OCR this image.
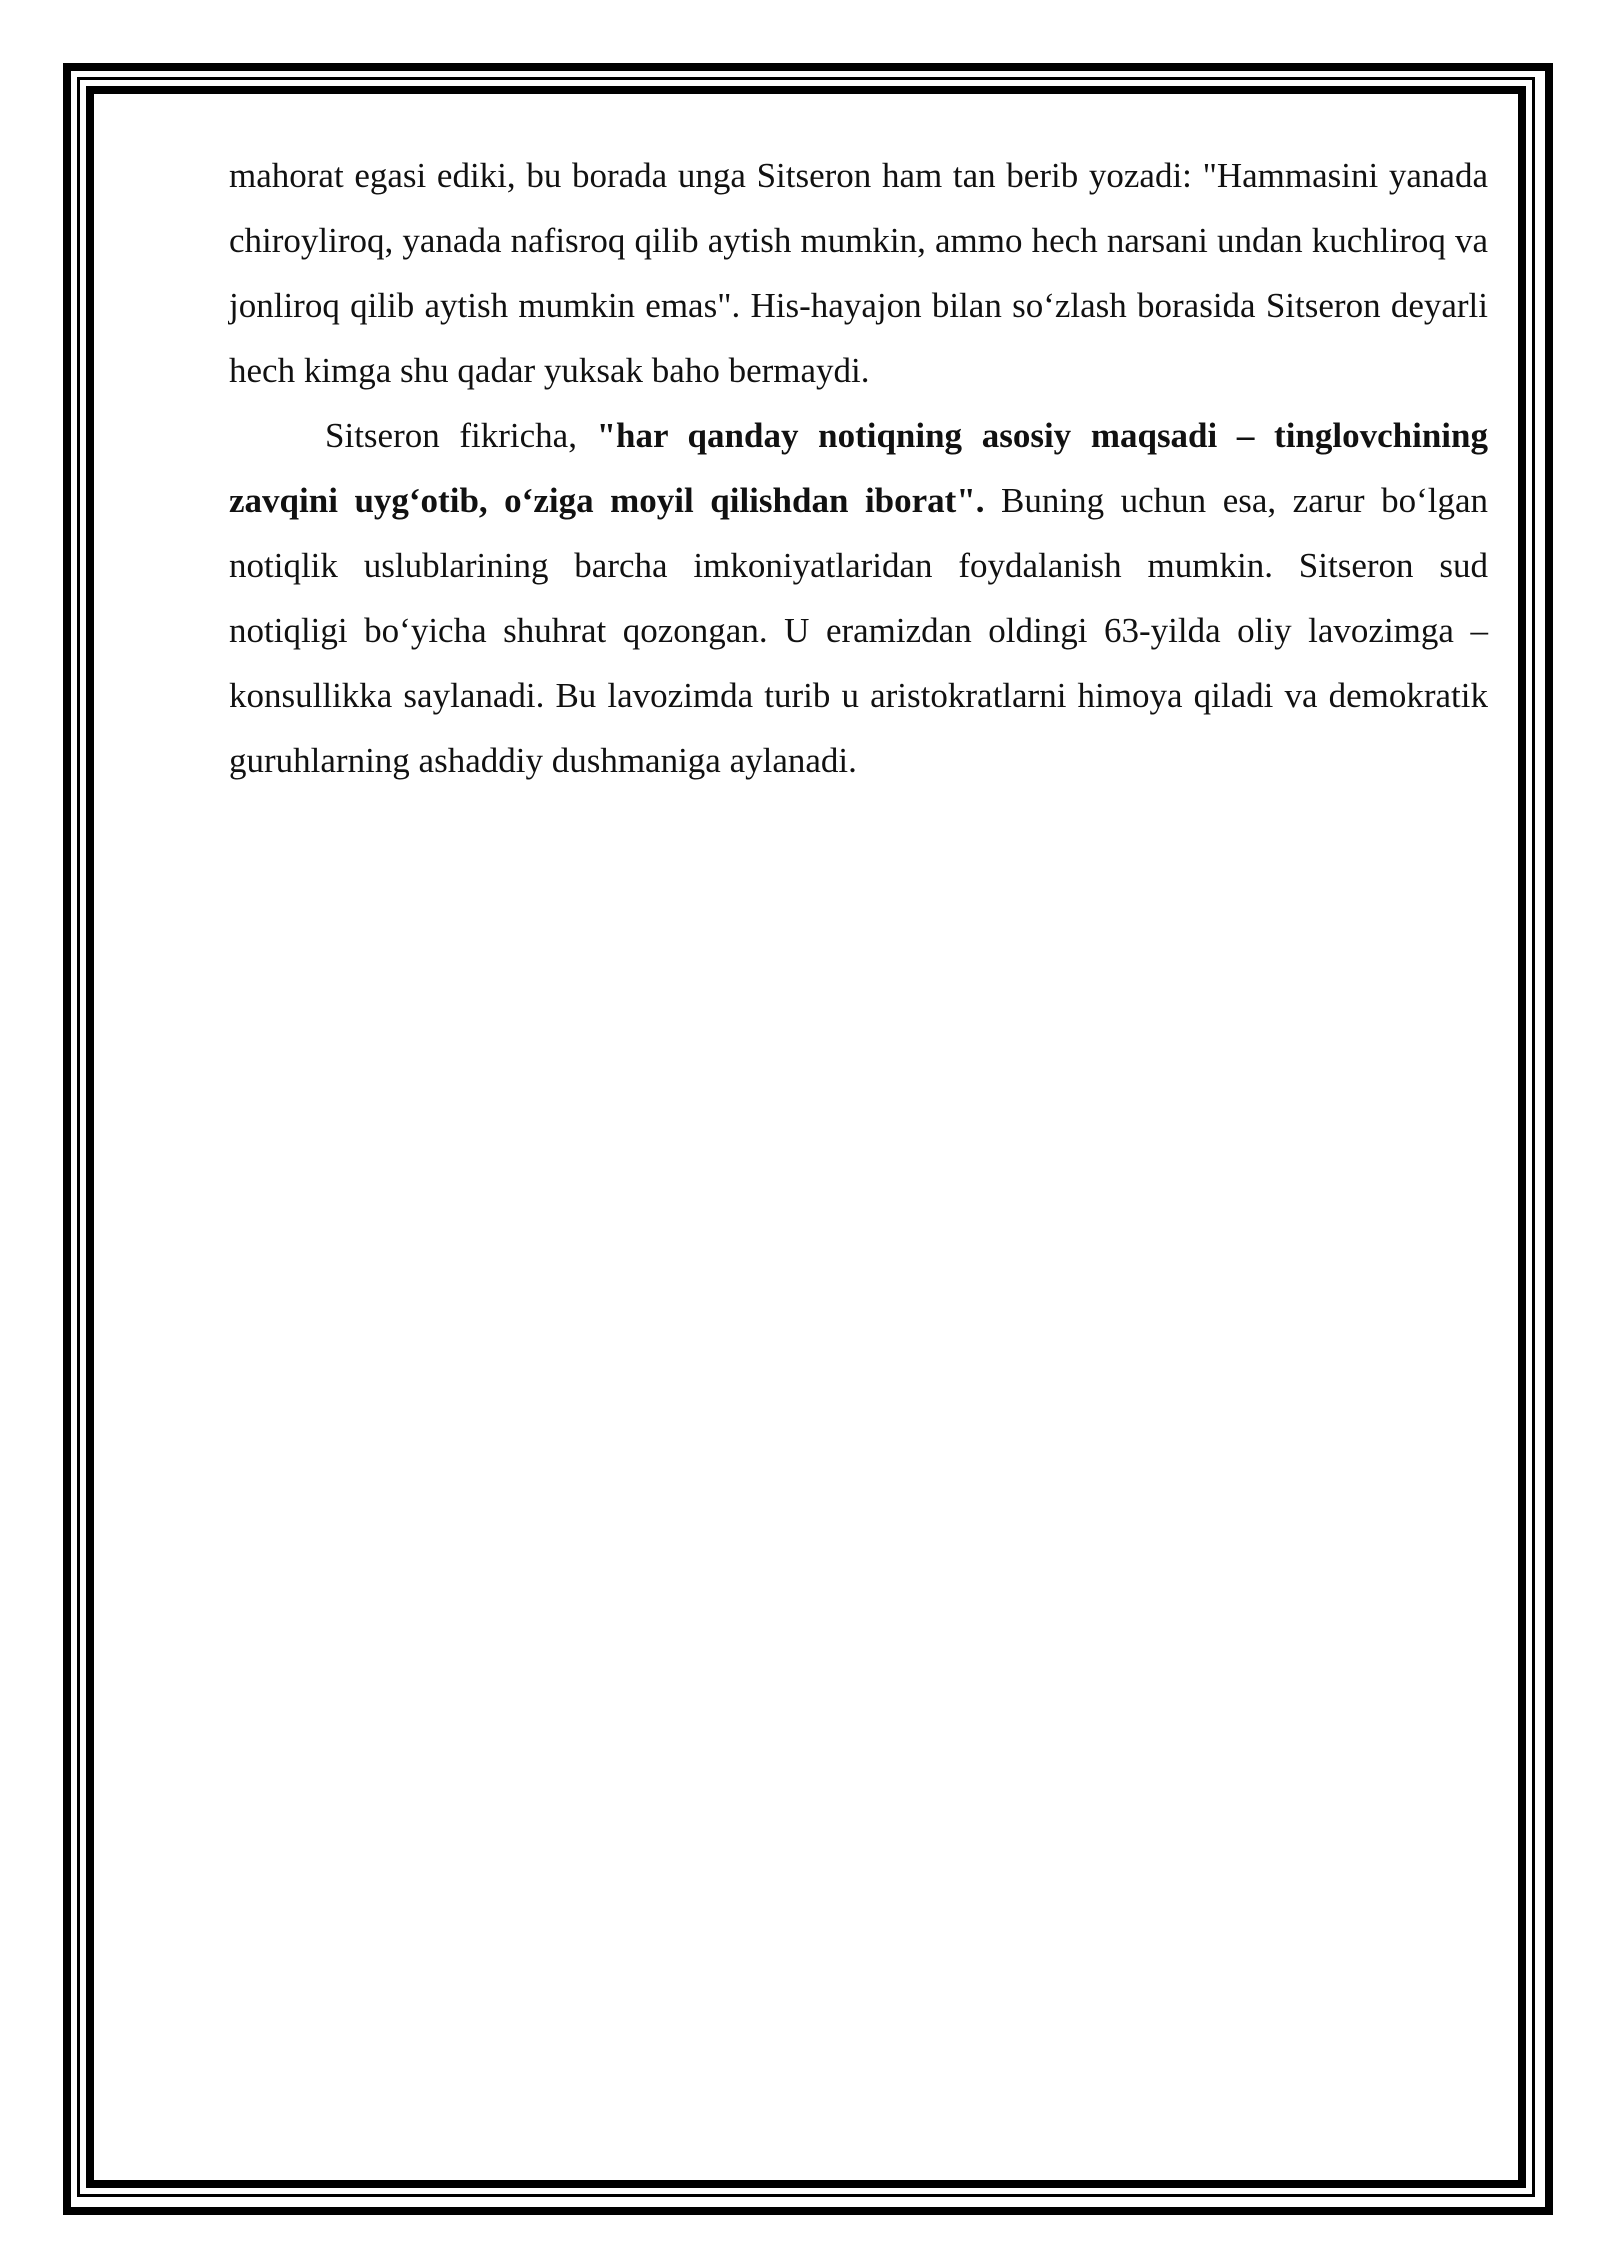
mahorat egasi ediki, bu borada unga Sitseron ham tan berib yozadi: "Hammasini yanada chiroyliroq, yanada nafisroq qilib aytish mumkin, ammo hech narsani undan kuchliroq va jonliroq qilib aytish mumkin emas". His-hayajon bilan so‘zlash borasida Sitseron deyarli hech kimga shu qadar yuksak baho bermaydi.

Sitseron fikricha, "har qanday notiqning asosiy maqsadi – tinglovchining zavqini uyg‘otib, o‘ziga moyil qilishdan iborat". Buning uchun esa, zarur bo‘lgan notiqlik uslublarining barcha imkoniyatlaridan foydalanish mumkin. Sitseron sud notiqligi bo‘yicha shuhrat qozongan. U eramizdan oldingi 63-yilda oliy lavozimga – konsullikka saylanadi. Bu lavozimda turib u aristokratlarni himoya qiladi va demokratik guruhlarning ashaddiy dushmaniga aylanadi.
